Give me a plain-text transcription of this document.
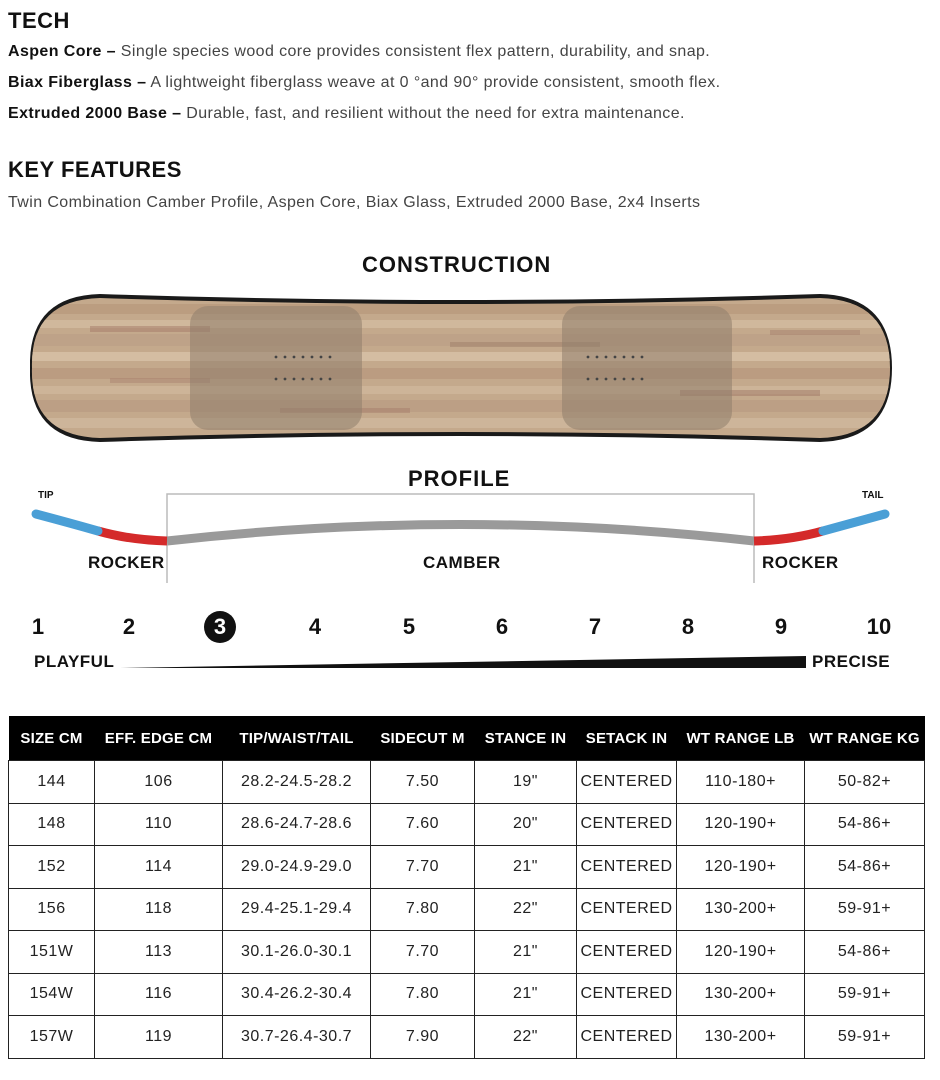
TECH
Aspen Core – Single species wood core provides consistent flex pattern, durability, and snap.
Biax Fiberglass – A lightweight fiberglass weave at 0 °and 90° provide consistent, smooth flex.
Extruded 2000 Base – Durable, fast, and resilient without the need for extra maintenance.
KEY FEATURES
Twin Combination Camber Profile, Aspen Core, Biax Glass, Extruded 2000 Base, 2x4 Inserts
CONSTRUCTION
PROFILE
TIP	TAIL
ROCKER	CAMBER	ROCKER
1	2	3	4	5	6	7	8	9	10
PLAYFUL	PRECISE
SIZE CM	EFF. EDGE CM	TIP/WAIST/TAIL	SIDECUT M	STANCE IN	SETACK IN	WT RANGE LB	WT RANGE KG
144	106	28.2-24.5-28.2	7.50	19"	CENTERED	110-180+	50-82+
148	110	28.6-24.7-28.6	7.60	20"	CENTERED	120-190+	54-86+
152	114	29.0-24.9-29.0	7.70	21"	CENTERED	120-190+	54-86+
156	118	29.4-25.1-29.4	7.80	22"	CENTERED	130-200+	59-91+
151W	113	30.1-26.0-30.1	7.70	21"	CENTERED	120-190+	54-86+
154W	116	30.4-26.2-30.4	7.80	21"	CENTERED	130-200+	59-91+
157W	119	30.7-26.4-30.7	7.90	22"	CENTERED	130-200+	59-91+
